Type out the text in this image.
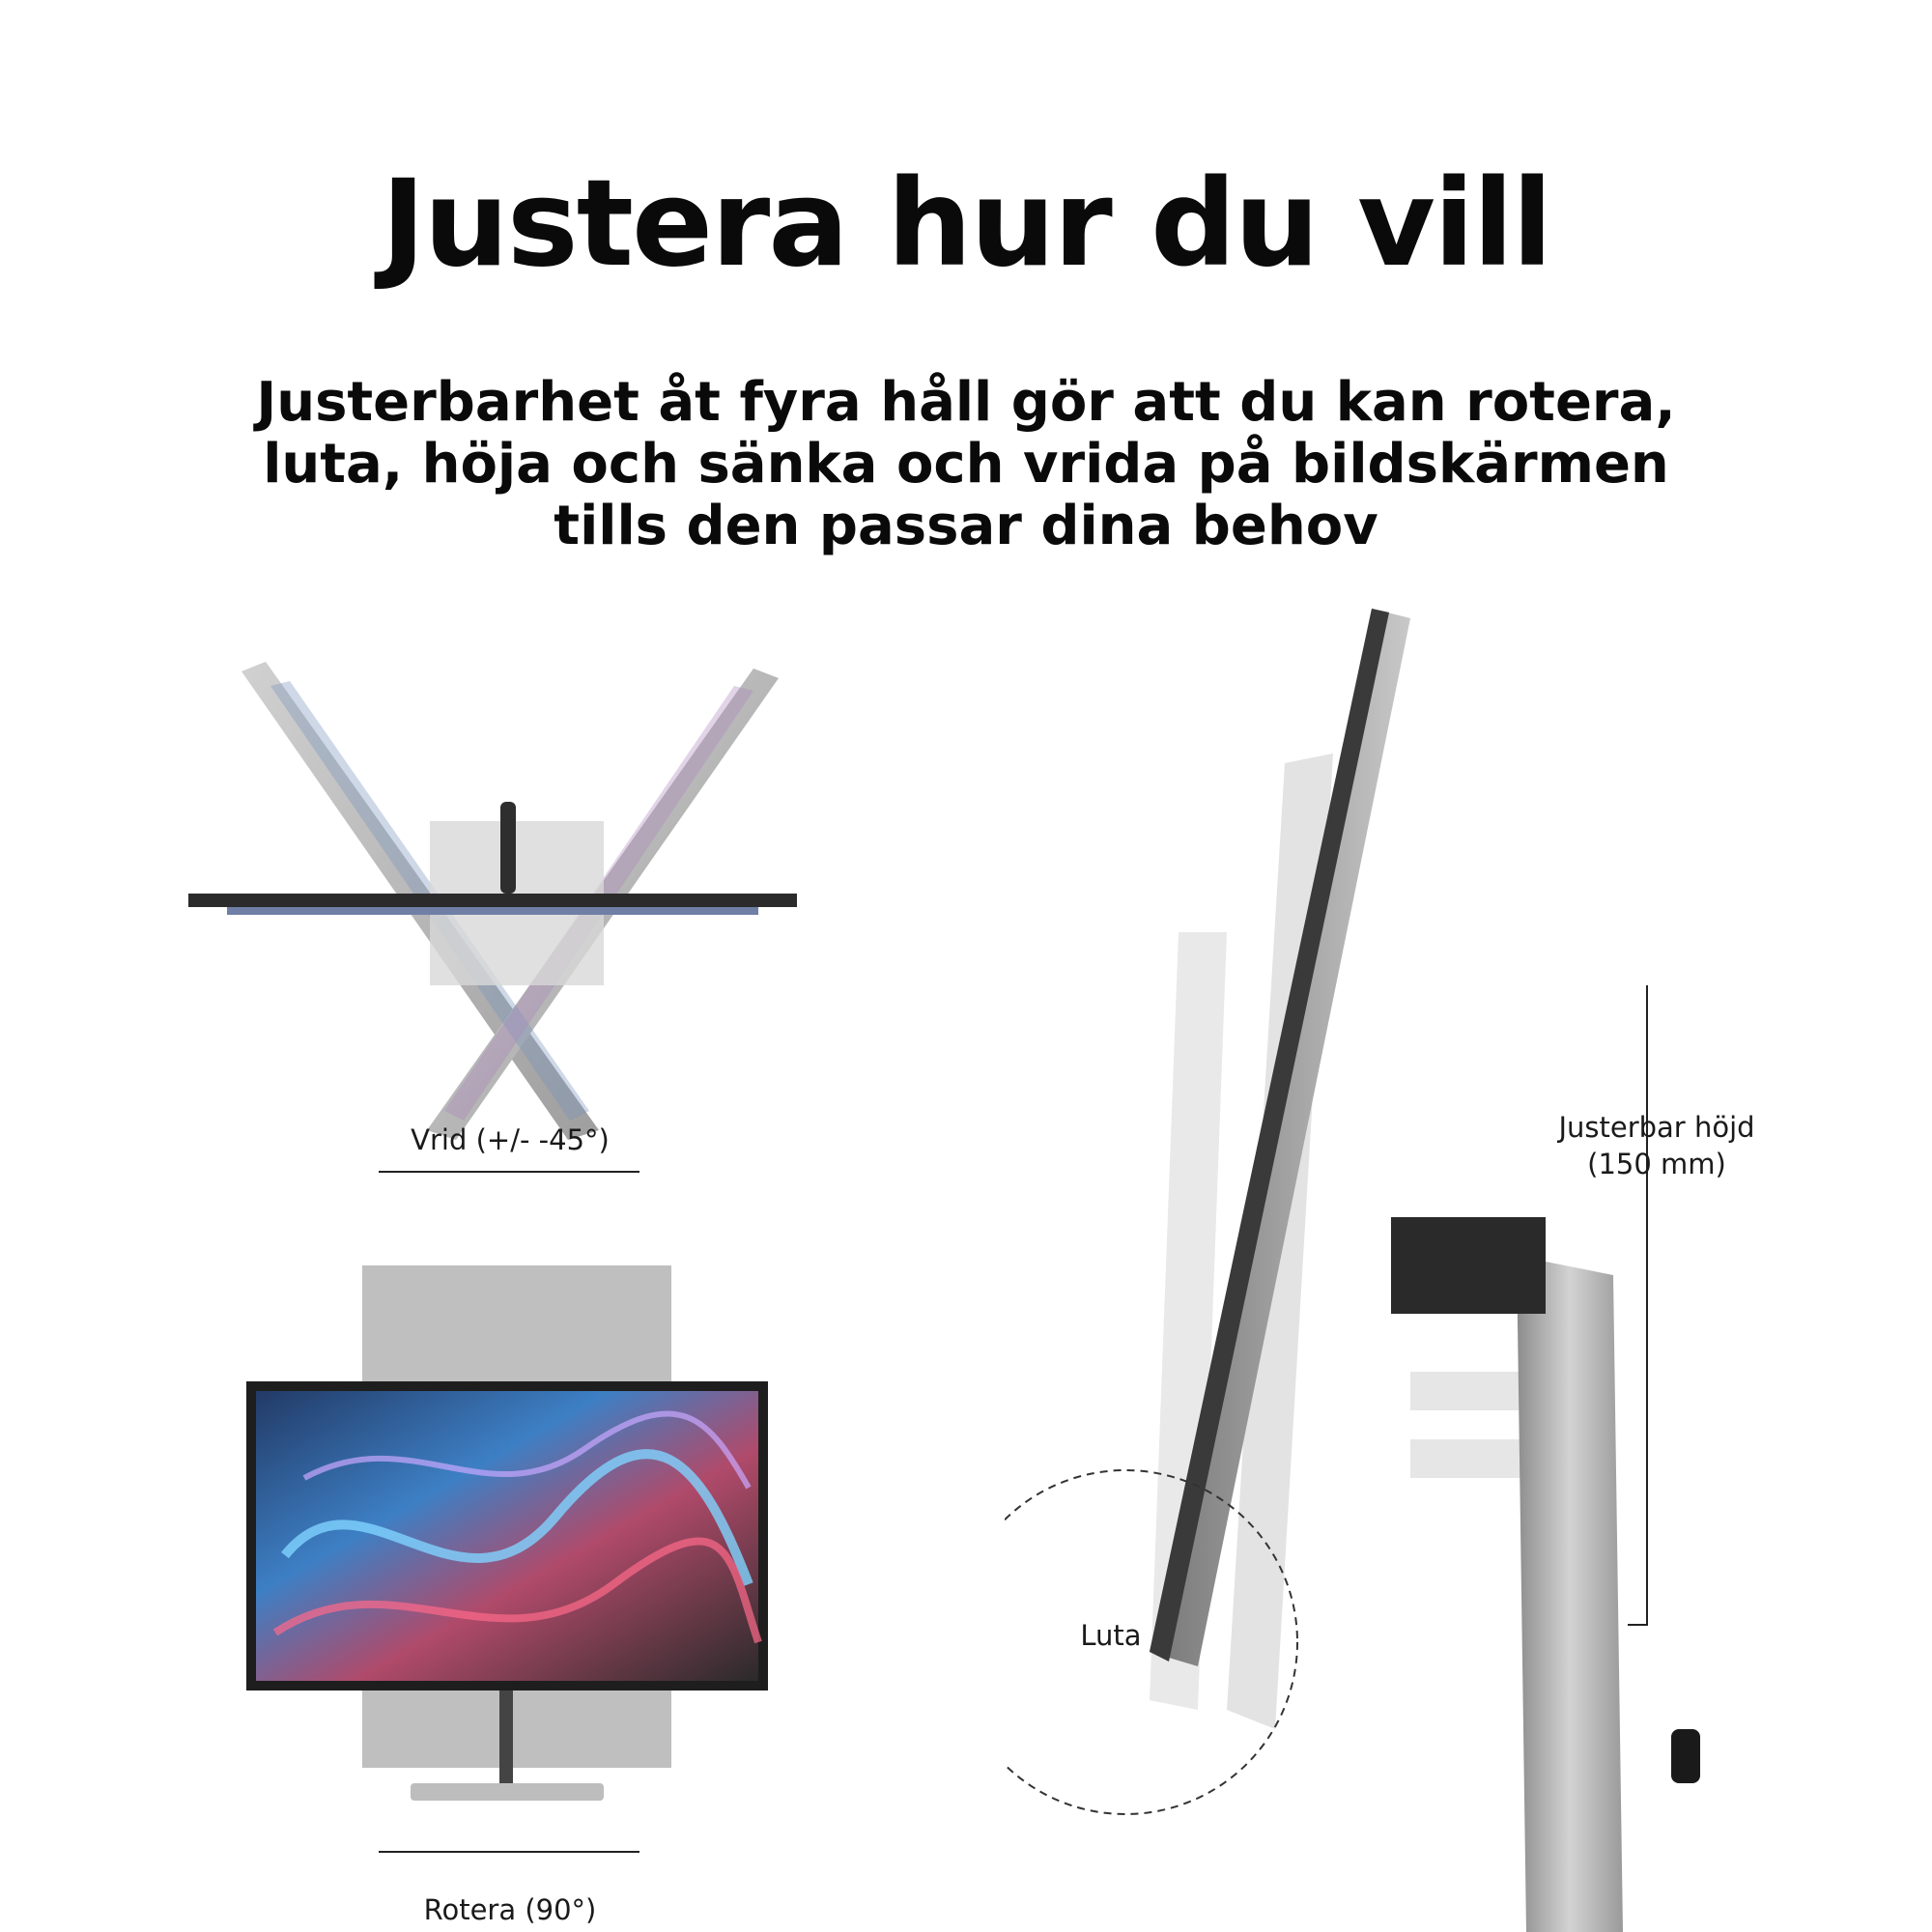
Justera hur du vill
Justerbarhet åt fyra håll gör att du kan rotera,
luta, höja och sänka och vrida på bildskärmen
tills den passar dina behov
Vrid (+/- -45°)
Rotera (90°)
Luta
Justerbar höjd
(150 mm)
